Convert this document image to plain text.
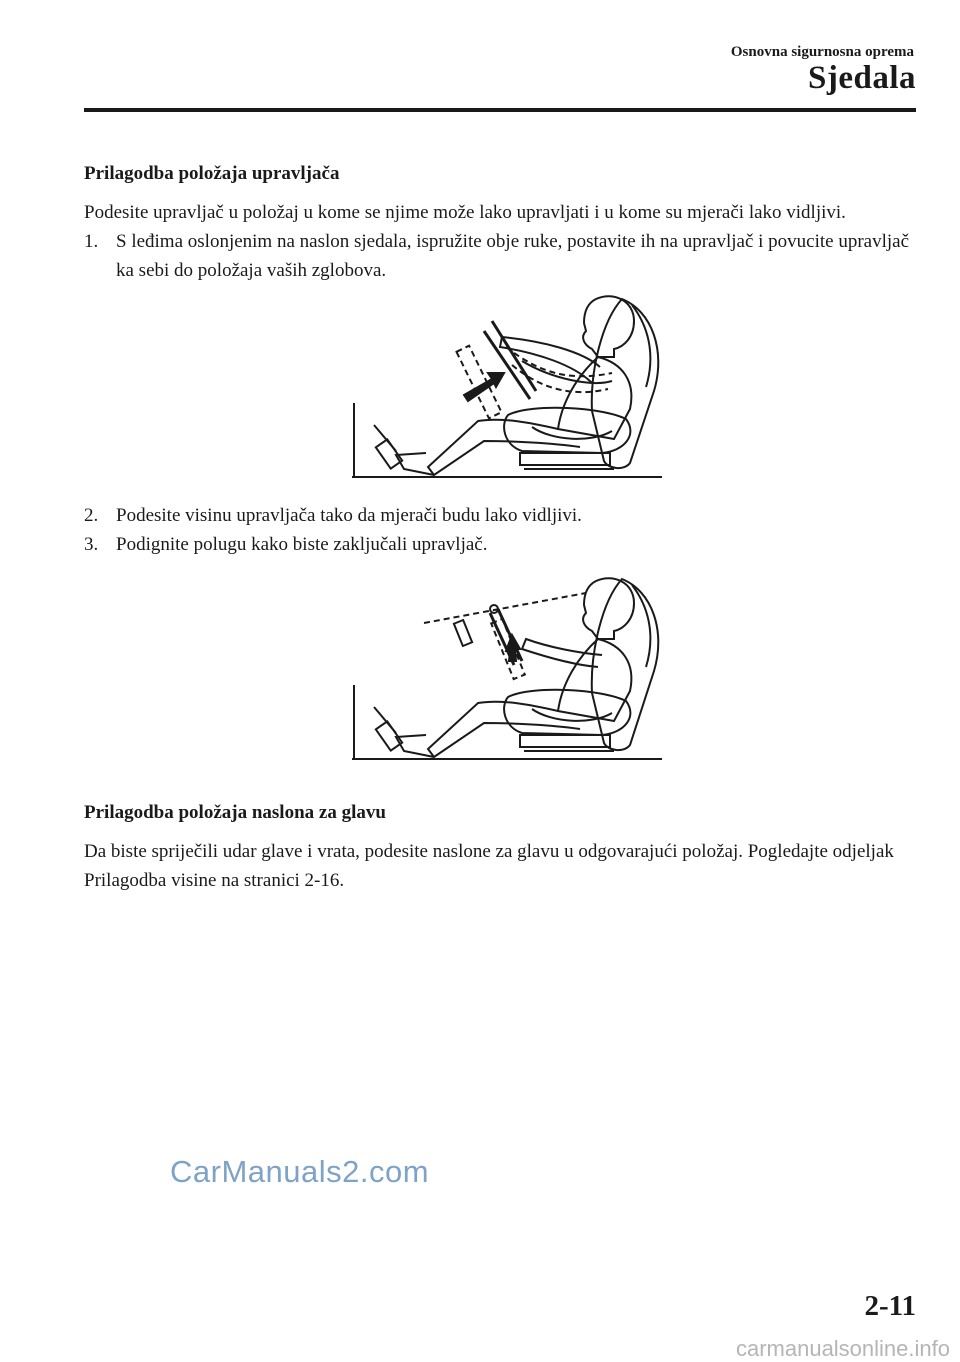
Osnovna sigurnosna oprema
Sjedala
Prilagodba položaja upravljača

Podesite upravljač u položaj u kome se njime može lako upravljati i u kome su mjerači lako vidljivi.

1. S leđima oslonjenim na naslon sjedala, ispružite obje ruke, postavite ih na upravljač i povucite upravljač ka sebi do položaja vaših zglobova.
2. Podesite visinu upravljača tako da mjerači budu lako vidljivi.
3. Podignite polugu kako biste zaključali upravljač.
Prilagodba položaja naslona za glavu

Da biste spriječili udar glave i vrata, podesite naslone za glavu u odgovarajući položaj. Pogledajte odjeljak Prilagodba visine na stranici 2-16.

CarManuals2.com
2-11
carmanualsonline.info
